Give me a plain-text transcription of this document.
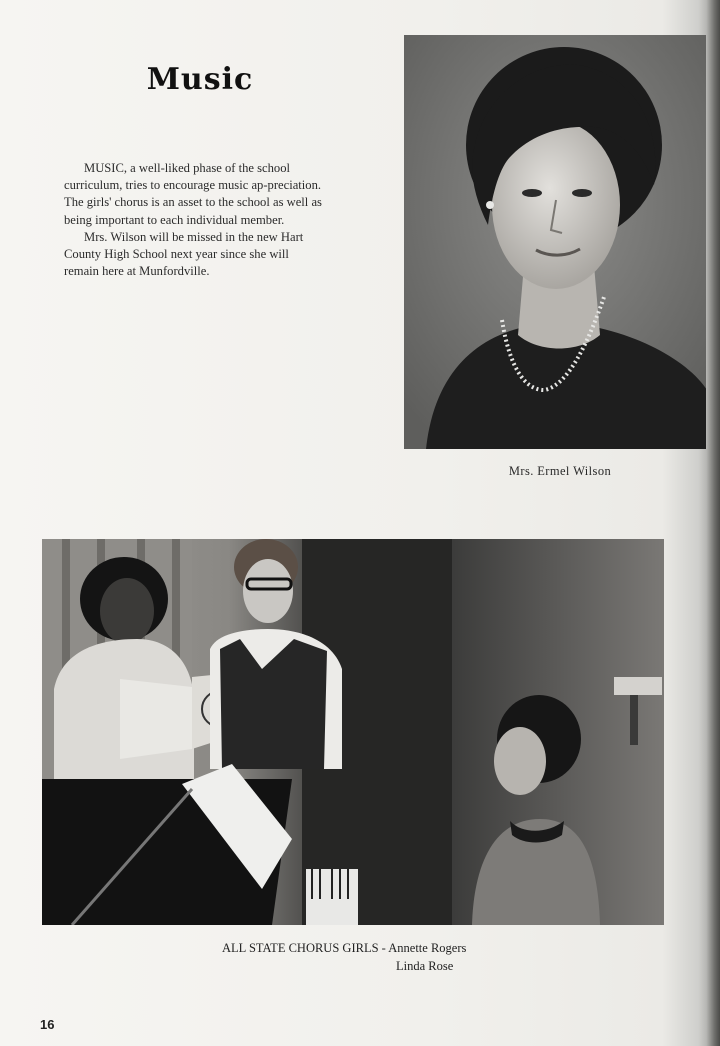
Music

MUSIC, a well-liked phase of the school curriculum, tries to encourage music ap-preciation. The girls' chorus is an asset to the school as well as being important to each individual member.

Mrs. Wilson will be missed in the new Hart County High School next year since she will remain here at Munfordville.

Mrs. Ermel Wilson
ALL STATE CHORUS GIRLS - Annette Rogers
Linda Rose
16
